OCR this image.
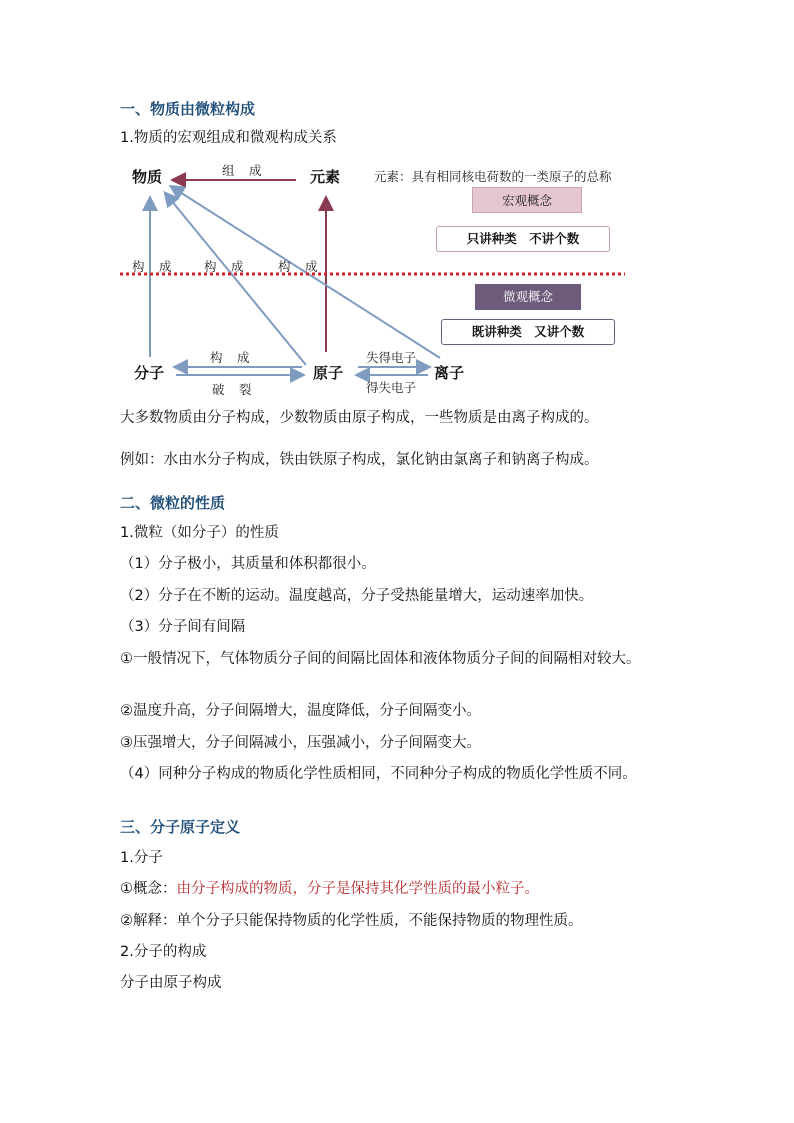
一、物质由微粒构成
1.物质的宏观组成和微观构成关系
物质	元素
分子	原子	离子
组　成	元素：具有相同核电荷数的一类原子的总称
构　成	构　成	构　成
构　成
破　裂
失得电子
得失电子
宏观概念
只讲种类　不讲个数
微观概念
既讲种类　又讲个数
大多数物质由分子构成，少数物质由原子构成，一些物质是由离子构成的。
例如：水由水分子构成，铁由铁原子构成，氯化钠由氯离子和钠离子构成。
二、微粒的性质
1.微粒（如分子）的性质
（1）分子极小，其质量和体积都很小。
（2）分子在不断的运动。温度越高，分子受热能量增大，运动速率加快。
（3）分子间有间隔
①一般情况下，气体物质分子间的间隔比固体和液体物质分子间的间隔相对较大。
②温度升高，分子间隔增大，温度降低，分子间隔变小。
③压强增大，分子间隔减小，压强减小，分子间隔变大。
（4）同种分子构成的物质化学性质相同，不同种分子构成的物质化学性质不同。
三、分子原子定义
1.分子
①概念：由分子构成的物质，分子是保持其化学性质的最小粒子。
②解释：单个分子只能保持物质的化学性质，不能保持物质的物理性质。
2.分子的构成
分子由原子构成
